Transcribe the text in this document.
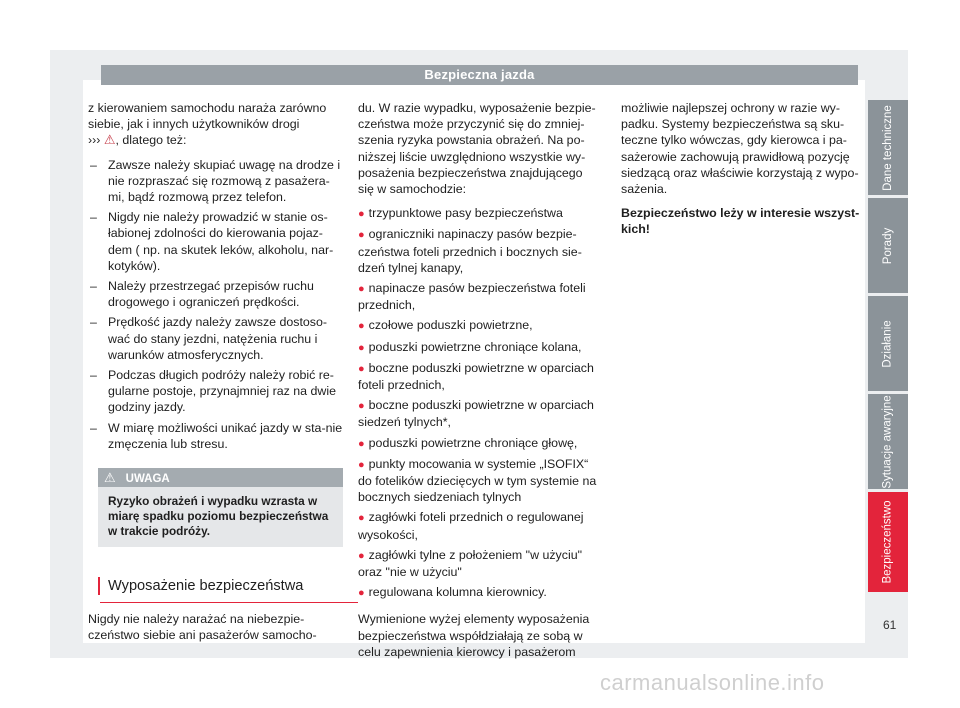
Bezpieczna jazda

z kierowaniem samochodu naraża zarówno siebie, jak i innych użytkowników drogi
››› ⚠, dlatego też:

– Zawsze należy skupiać uwagę na drodze i nie rozpraszać się rozmową z pasażera-mi, bądź rozmową przez telefon.
– Nigdy nie należy prowadzić w stanie os-łabionej zdolności do kierowania pojaz-dem ( np. na skutek leków, alkoholu, nar-kotyków).
– Należy przestrzegać przepisów ruchu drogowego i ograniczeń prędkości.
– Prędkość jazdy należy zawsze dostoso-wać do stany jezdni, natężenia ruchu i warunków atmosferycznych.
– Podczas długich podróży należy robić re-gularne postoje, przynajmniej raz na dwie godziny jazdy.
– W miarę możliwości unikać jazdy w sta-nie zmęczenia lub stresu.
⚠ UWAGA
Ryzyko obrażeń i wypadku wzrasta w miarę spadku poziomu bezpieczeństwa w trakcie podróży.
Wyposażenie bezpieczeństwa

Nigdy nie należy narażać na niebezpie-czeństwo siebie ani pasażerów samocho-

du. W razie wypadku, wyposażenie bezpie-czeństwa może przyczynić się do zmniej-szenia ryzyka powstania obrażeń. Na po-niższej liście uwzględniono wszystkie wy-posażenia bezpieczeństwa znajdującego się w samochodzie:

● trzypunktowe pasy bezpieczeństwa
● ograniczniki napinaczy pasów bezpie-czeństwa foteli przednich i bocznych sie-dzeń tylnej kanapy,
● napinacze pasów bezpieczeństwa foteli przednich,
● czołowe poduszki powietrzne,
● poduszki powietrzne chroniące kolana,
● boczne poduszki powietrzne w oparciach foteli przednich,
● boczne poduszki powietrzne w oparciach siedzeń tylnych*,
● poduszki powietrzne chroniące głowę,
● punkty mocowania w systemie „ISOFIX“ do fotelików dziecięcych w tym systemie na bocznych siedzeniach tylnych
● zagłówki foteli przednich o regulowanej wysokości,
● zagłówki tylne z położeniem "w użyciu" oraz "nie w użyciu"
● regulowana kolumna kierownicy.

Wymienione wyżej elementy wyposażenia bezpieczeństwa współdziałają ze sobą w celu zapewnienia kierowcy i pasażerom

możliwie najlepszej ochrony w razie wy-padku. Systemy bezpieczeństwa są sku-teczne tylko wówczas, gdy kierowca i pa-sażerowie zachowują prawidłową pozycję siedzącą oraz właściwie korzystają z wypo-sażenia.

Bezpieczeństwo leży w interesie wszyst-kich!

Dane techniczne
Porady
Działanie
Sytuacje awaryjne
Bezpieczeństwo
61
carmanualsonline.info
